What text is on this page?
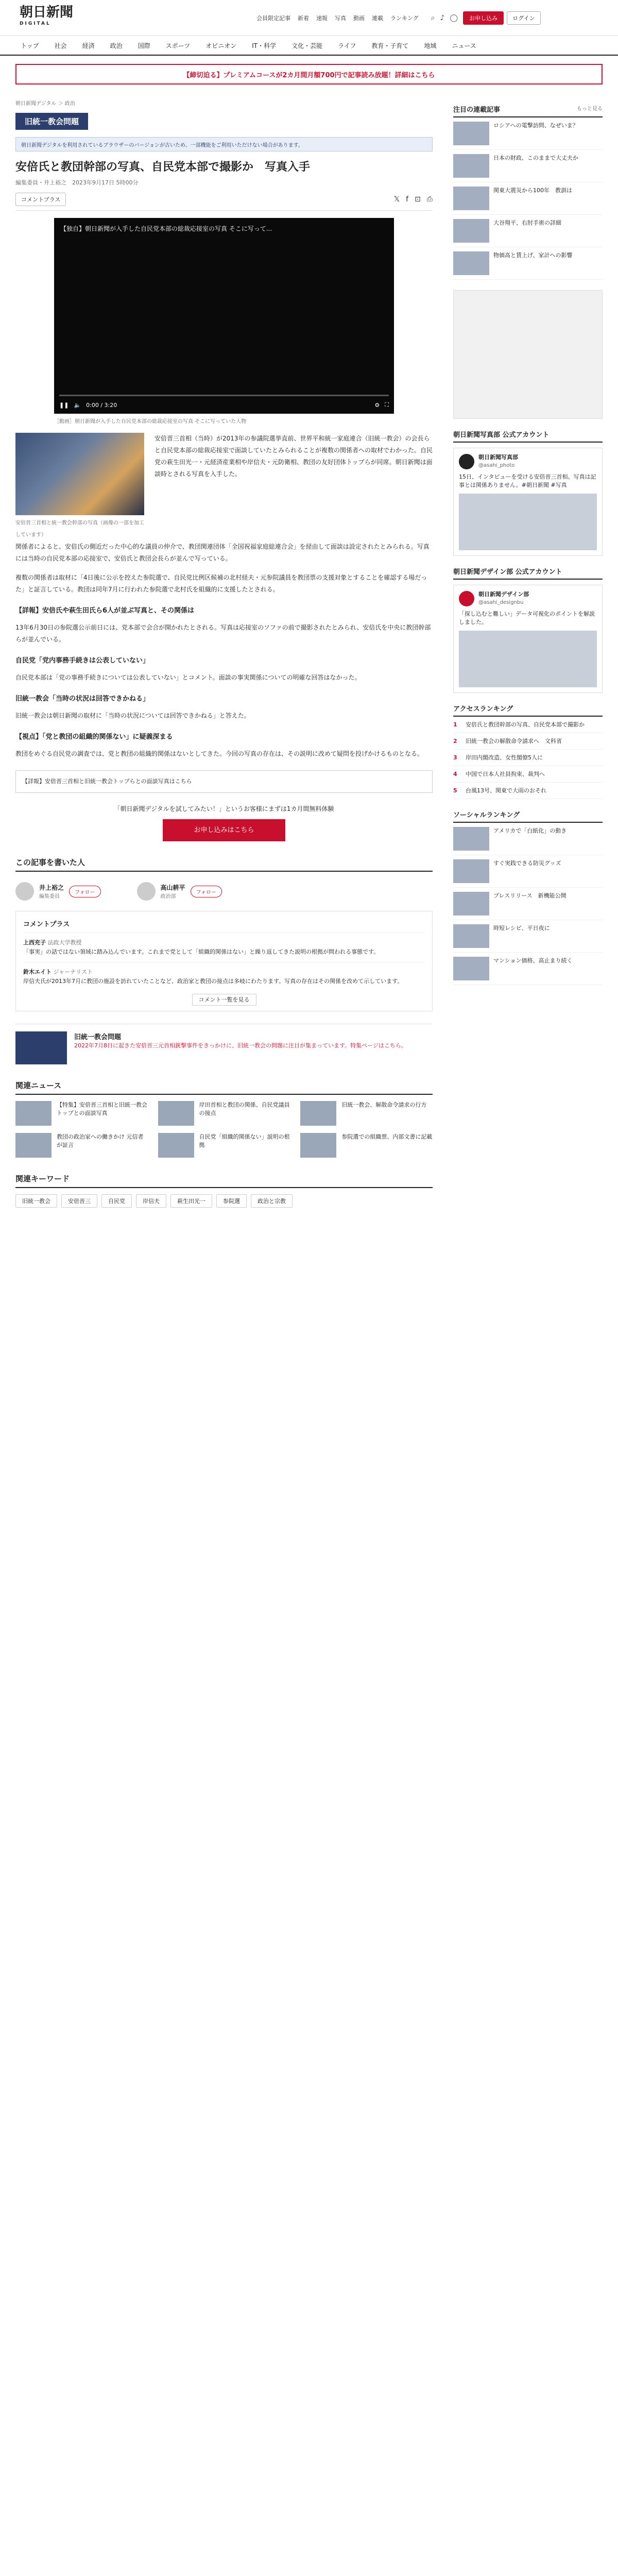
朝日新聞
DIGITAL
会員限定記事 新着 速報 写真 動画 連載 ランキング ⌕ ♪ ◯	お申し込み	ログイン
トップ	社会	経済	政治	国際	スポーツ	オピニオン	IT・科学	文化・芸能	ライフ	教育・子育て	地域	ニュース
【締切迫る】プレミアムコースが2カ月間月額700円で記事読み放題！詳細はこちら
朝日新聞デジタル ＞ 政治
旧統一教会問題
朝日新聞デジタルを利用されているブラウザーのバージョンが古いため、一部機能をご利用いただけない場合があります。
安倍氏と教団幹部の写真、自民党本部で撮影か　写真入手
編集委員・井上裕之　2023年9月17日 5時00分
コメントプラス	𝕏 f ⊡ ⎙
【独自】朝日新聞が入手した自民党本部の総裁応接室の写真 そこに写って...
❚❚ 🔈 0:00 / 3:20	⚙ ⛶
［動画］朝日新聞が入手した自民党本部の総裁応接室の写真 そこに写っていた人物
安倍晋三首相と統一教会幹部の写真（画像の一部を加工しています）

安倍晋三首相（当時）が2013年の参議院選挙直前、世界平和統一家庭連合（旧統一教会）の会長らと自民党本部の総裁応接室で面談していたとみられることが複数の関係者への取材でわかった。自民党の萩生田光一・元経済産業相や岸信夫・元防衛相、教団の友好団体トップらが同席。朝日新聞は面談時とされる写真を入手した。

関係者によると、安倍氏の側近だった中心的な議員の仲介で、教団関連団体「全国祝福家庭総連合会」を経由して面談は設定されたとみられる。写真には当時の自民党本部の応接室で、安倍氏と教団会長らが並んで写っている。

複数の関係者は取材に「4日後に公示を控えた参院選で、自民党比例区候補の北村経夫・元参院議員を教団票の支援対象とすることを確認する場だった」と証言している。教団は同年7月に行われた参院選で北村氏を組織的に支援したとされる。

【詳報】安倍氏や萩生田氏ら6人が並ぶ写真と、その関係は

13年6月30日の参院選公示前日には、党本部で会合が開かれたとされる。写真は応接室のソファの前で撮影されたとみられ、安倍氏を中央に教団幹部らが並んでいる。

自民党「党内事務手続きは公表していない」

自民党本部は「党の事務手続きについては公表していない」とコメント。面談の事実関係についての明確な回答はなかった。

旧統一教会「当時の状況は回答できかねる」

旧統一教会は朝日新聞の取材に「当時の状況については回答できかねる」と答えた。

【視点】「党と教団の組織的関係ない」に疑義深まる

教団をめぐる自民党の調査では、党と教団の組織的関係はないとしてきた。今回の写真の存在は、その説明に改めて疑問を投げかけるものとなる。

【詳報】安倍晋三首相と旧統一教会トップらとの面談写真はこちら
「朝日新聞デジタルを試してみたい！」というお客様にまずは1カ月間無料体験
お申し込みはこちら
この記事を書いた人
井上裕之
編集委員
フォロー
高山耕平
政治部
フォロー
コメントプラス
上西充子 法政大学教授
「事実」の話ではない領域に踏み込んでいます。これまで党として「組織的関係はない」と繰り返してきた説明の根拠が問われる事態です。
鈴木エイト ジャーナリスト
岸信夫氏が2013年7月に教団の施設を訪れていたことなど、政治家と教団の接点は多岐にわたります。写真の存在はその関係を改めて示しています。
コメント一覧を見る
旧統一教会問題
2022年7月8日に起きた安倍晋三元首相銃撃事件をきっかけに、旧統一教会の問題に注目が集まっています。特集ページはこちら。
関連ニュース
【特集】安倍晋三首相と旧統一教会トップとの面談写真
岸田首相と教団の関係、自民党議員の接点
旧統一教会、解散命令請求の行方
教団の政治家への働きかけ 元信者が証言
自民党「組織的関係ない」説明の根拠
参院選での組織票、内部文書に記載
関連キーワード
旧統一教会	安倍晋三	自民党	岸信夫	萩生田光一	参院選	政治と宗教
注目の連載記事	もっと見る
ロシアへの電撃訪問、なぜいま？
日本の財政、このままで大丈夫か
関東大震災から100年　教訓は
大谷翔平、右肘手術の詳細
物価高と賃上げ、家計への影響
朝日新聞写真部 公式アカウント
朝日新聞写真部
@asahi_photo
15日、インタビューを受ける安倍晋三首相。写真は記事とは関係ありません。#朝日新聞 #写真
朝日新聞デザイン部 公式アカウント
朝日新聞デザイン部
@asahi_designbu
「探し込むと難しい」データ可視化のポイントを解説しました。
アクセスランキング
1	安倍氏と教団幹部の写真、自民党本部で撮影か
2	旧統一教会の解散命令請求へ　文科省
3	岸田内閣改造、女性閣僚5人に
4	中国で日本人社員拘束、裁判へ
5	台風13号、関東で大雨のおそれ
ソーシャルランキング
アメリカで「白紙化」の動き
すぐ実践できる防災グッズ
プレスリリース　新機能公開
時短レシピ、平日夜に
マンション価格、高止まり続く
